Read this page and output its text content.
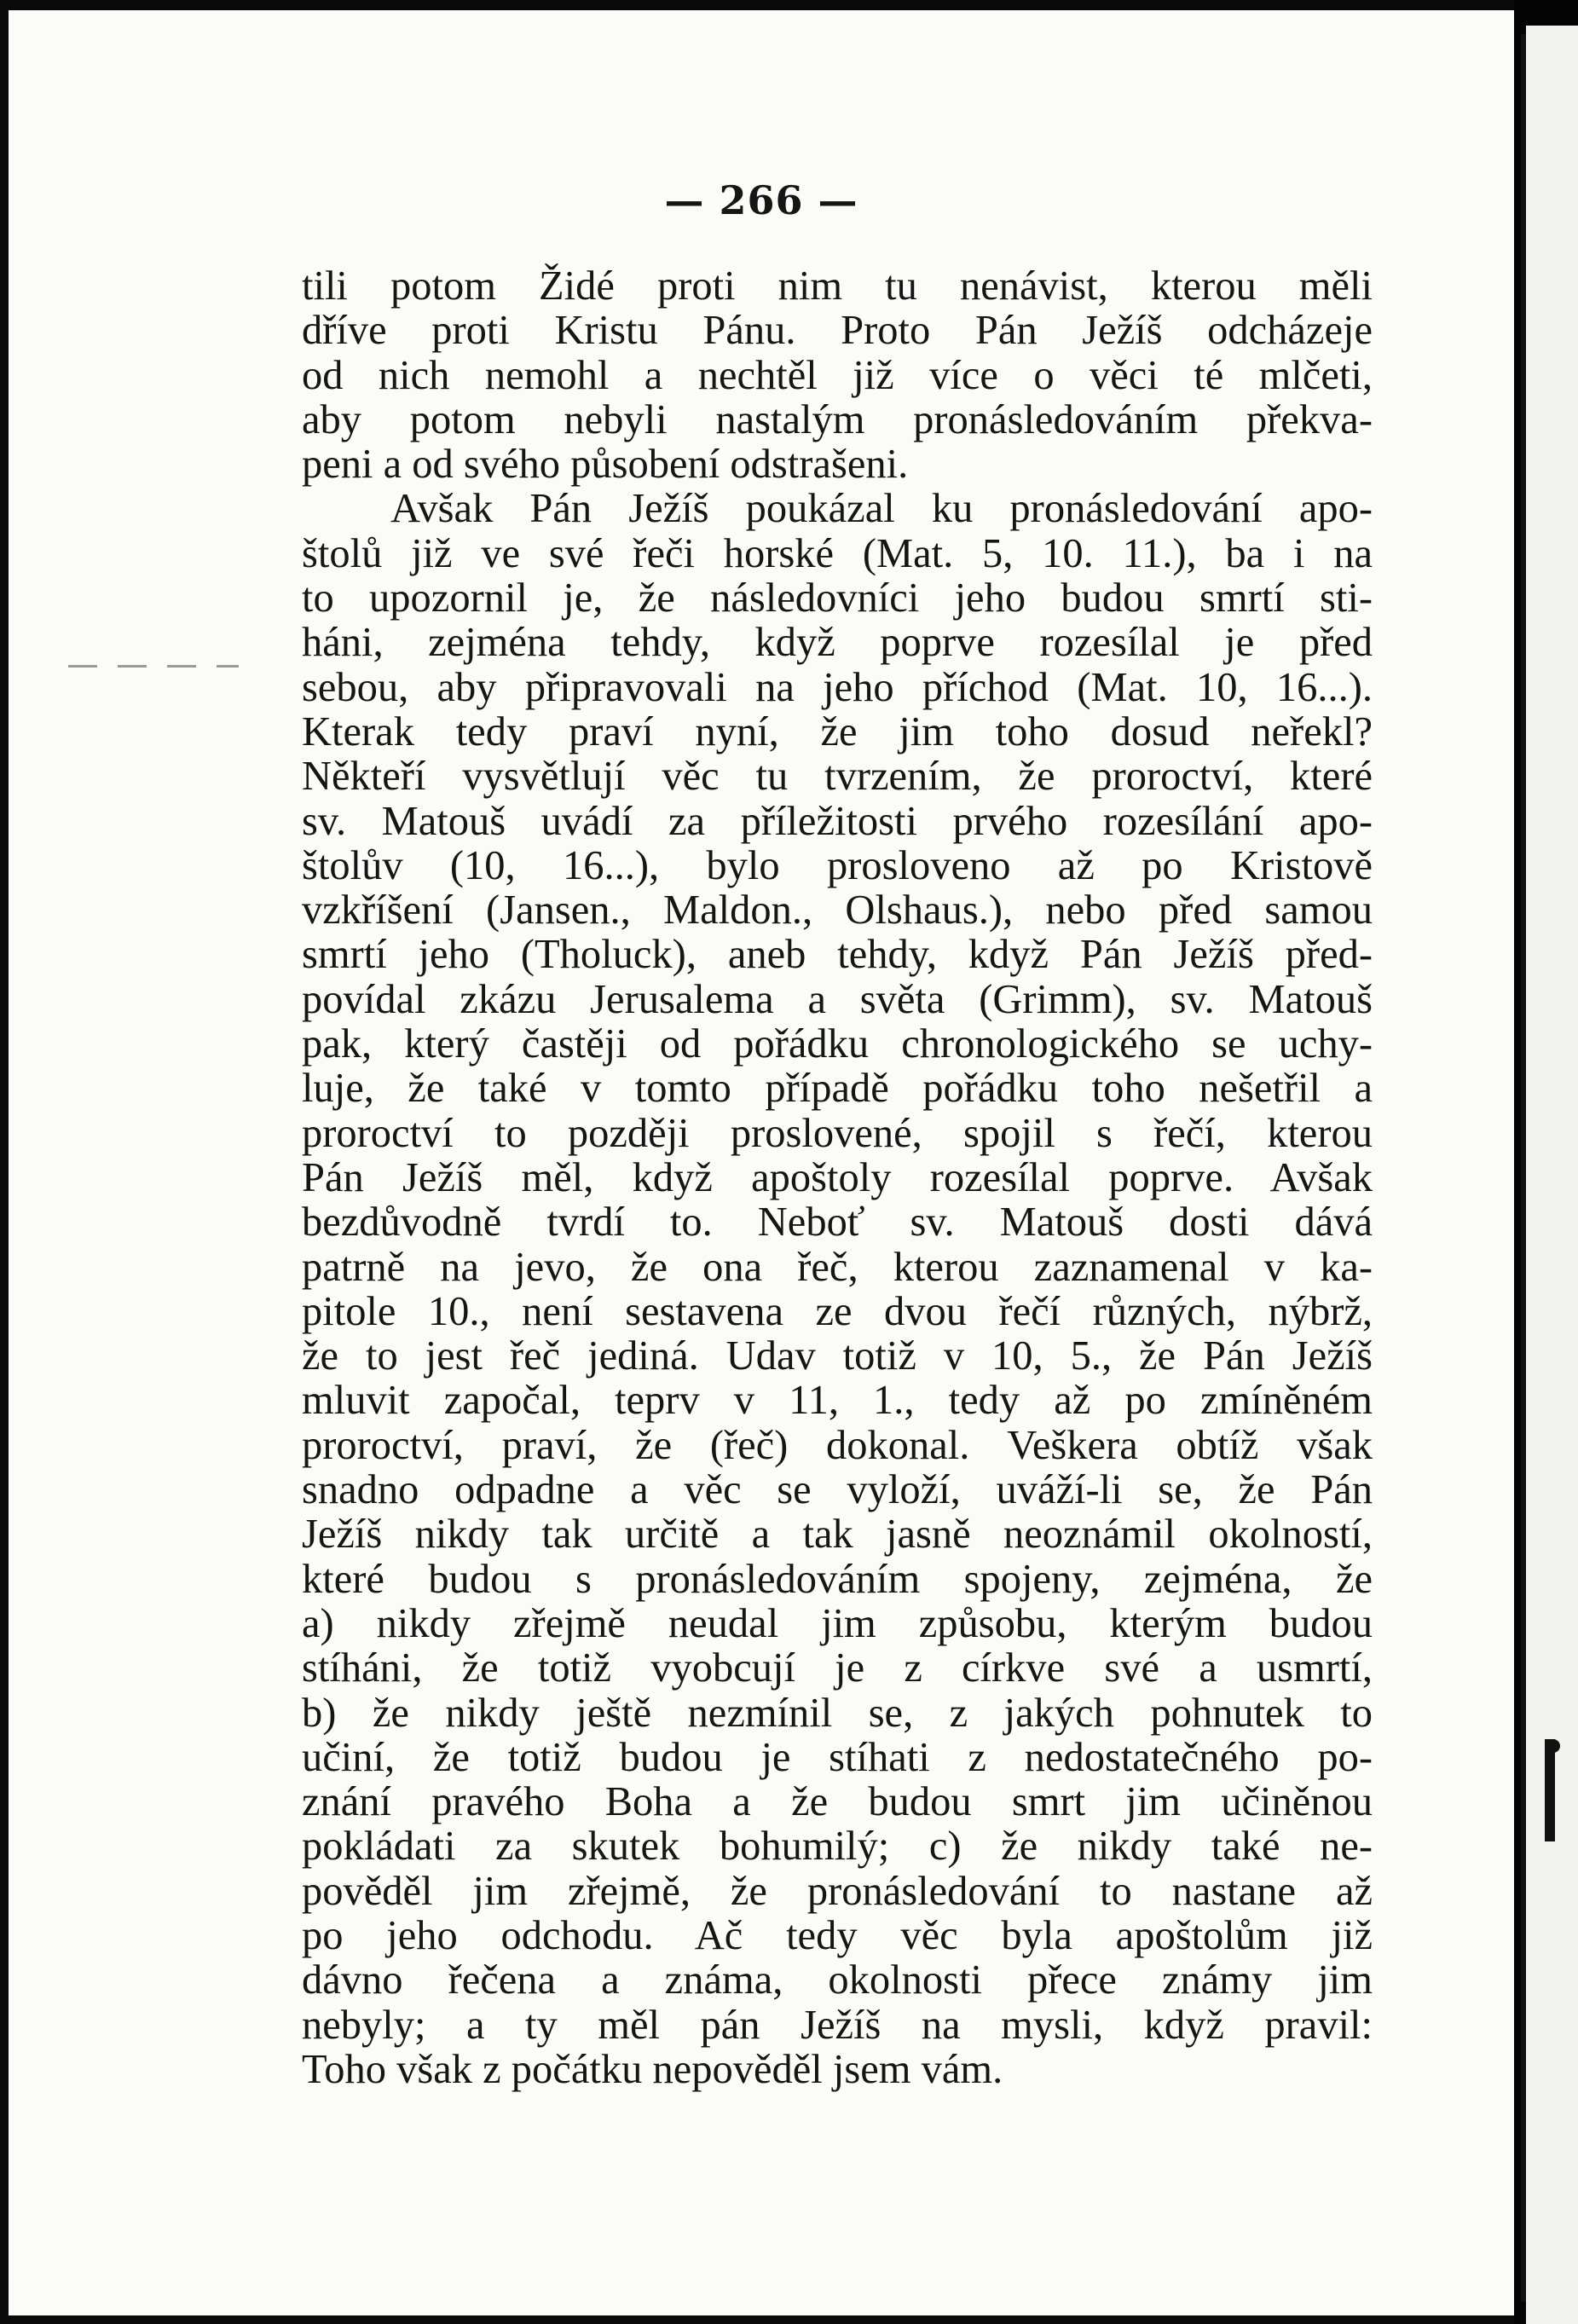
— 266 —
tili potom Židé proti nim tu nenávist, kterou měli
dříve proti Kristu Pánu. Proto Pán Ježíš odcházeje
od nich nemohl a nechtěl již více o věci té mlčeti,
aby potom nebyli nastalým pronásledováním překva-
peni a od svého působení odstrašeni.
Avšak Pán Ježíš poukázal ku pronásledování apo-
štolů již ve své řeči horské (Mat. 5, 10. 11.), ba i na
to upozornil je, že následovníci jeho budou smrtí sti-
háni, zejména tehdy, když poprve rozesílal je před
sebou, aby připravovali na jeho příchod (Mat. 10, 16...).
Kterak tedy praví nyní, že jim toho dosud neřekl?
Někteří vysvětlují věc tu tvrzením, že proroctví, které
sv. Matouš uvádí za příležitosti prvého rozesílání apo-
štolův (10, 16...), bylo prosloveno až po Kristově
vzkříšení (Jansen., Maldon., Olshaus.), nebo před samou
smrtí jeho (Tholuck), aneb tehdy, když Pán Ježíš před-
povídal zkázu Jerusalema a světa (Grimm), sv. Matouš
pak, který častěji od pořádku chronologického se uchy-
luje, že také v tomto případě pořádku toho nešetřil a
proroctví to později proslovené, spojil s řečí, kterou
Pán Ježíš měl, když apoštoly rozesílal poprve. Avšak
bezdůvodně tvrdí to. Neboť sv. Matouš dosti dává
patrně na jevo, že ona řeč, kterou zaznamenal v ka-
pitole 10., není sestavena ze dvou řečí různých, nýbrž,
že to jest řeč jediná. Udav totiž v 10, 5., že Pán Ježíš
mluvit započal, teprv v 11, 1., tedy až po zmíněném
proroctví, praví, že (řeč) dokonal. Veškera obtíž však
snadno odpadne a věc se vyloží, uváží-li se, že Pán
Ježíš nikdy tak určitě a tak jasně neoznámil okolností,
které budou s pronásledováním spojeny, zejména, že
a) nikdy zřejmě neudal jim způsobu, kterým budou
stíháni, že totiž vyobcují je z církve své a usmrtí,
b) že nikdy ještě nezmínil se, z jakých pohnutek to
učiní, že totiž budou je stíhati z nedostatečného po-
znání pravého Boha a že budou smrt jim učiněnou
pokládati za skutek bohumilý; c) že nikdy také ne-
pověděl jim zřejmě, že pronásledování to nastane až
po jeho odchodu. Ač tedy věc byla apoštolům již
dávno řečena a známa, okolnosti přece známy jim
nebyly; a ty měl pán Ježíš na mysli, když pravil:
Toho však z počátku nepověděl jsem vám.
